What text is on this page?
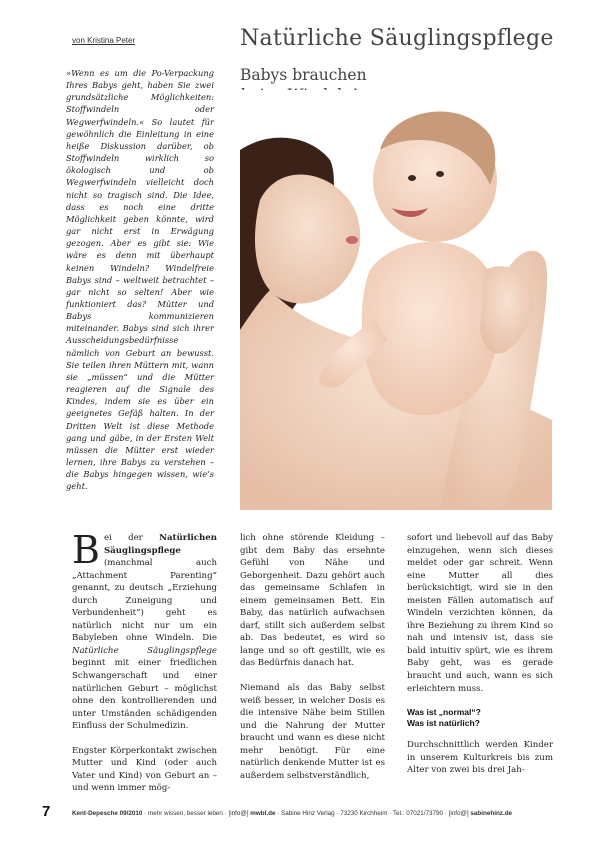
von Kristina Peter	Natürliche Säuglingspflege
Babys brauchen

»Wenn es um die Po-Verpackung Ihres Babys geht, haben Sie zwei grundsätzliche Möglichkeiten: Stoffwindeln oder Wegwerfwindeln.« So lautet für gewöhnlich die Einleitung in eine heiße Diskussion darüber, ob Stoffwindeln wirklich so ökologisch und ob Wegwerfwindeln vielleicht doch nicht so tragisch sind. Die Idee, dass es noch eine dritte Möglichkeit geben könnte, wird gar nicht erst in Erwägung gezogen. Aber es gibt sie: Wie wäre es denn mit überhaupt keinen Windeln? Windelfreie Babys sind – weltweit betrachtet – gar nicht so selten! Aber wie funktioniert das? Mütter und Babys kommunizieren miteinander. Babys sind sich ihrer Ausscheidungsbedürfnisse nämlich von Geburt an bewusst. Sie teilen ihren Müttern mit, wann sie „müssen“ und die Mütter reagieren auf die Signale des Kindes, indem sie es über ein geeignetes Gefäß halten. In der Dritten Welt ist diese Methode gang und gäbe, in der Ersten Welt müssen die Mütter erst wieder lernen, ihre Babys zu verstehen – die Babys hingegen wissen, wie’s geht.

Bei der Natürlichen Säuglingspflege (manchmal auch „Attachment Parenting“ genannt, zu deutsch „Erziehung durch Zuneigung und Verbundenheit“) geht es natürlich nicht nur um ein Babyleben ohne Windeln. Die Natürliche Säuglingspflege beginnt mit einer friedlichen Schwangerschaft und einer natürlichen Geburt – möglichst ohne den kontrollierenden und unter Umständen schädigenden Einfluss der Schulmedizin.

Engster Körperkontakt zwischen Mutter und Kind (oder auch Vater und Kind) von Geburt an – und wenn immer mög-

lich ohne störende Kleidung – gibt dem Baby das ersehnte Gefühl von Nähe und Geborgenheit. Dazu gehört auch das gemeinsame Schlafen in einem gemeinsamen Bett. Ein Baby, das natürlich aufwachsen darf, stillt sich außerdem selbst ab. Das bedeutet, es wird so lange und so oft gestillt, wie es das Bedürfnis danach hat.

Niemand als das Baby selbst weiß besser, in welcher Dosis es die intensive Nähe beim Stillen und die Nahrung der Mutter braucht und wann es diese nicht mehr benötigt. Für eine natürlich denkende Mutter ist es außerdem selbstverständlich,

sofort und liebevoll auf das Baby einzugehen, wenn sich dieses meldet oder gar schreit. Wenn eine Mutter all dies berücksichtigt, wird sie in den meisten Fällen automatisch auf Windeln verzichten können, da ihre Beziehung zu ihrem Kind so nah und intensiv ist, dass sie bald intuitiv spürt, wie es ihrem Baby geht, was es gerade braucht und auch, wann es sich erleichtern muss.

Was ist „normal“?
Was ist natürlich?

Durchschnittlich werden Kinder in unserem Kulturkreis bis zum Alter von zwei bis drei Jah-

7	Kent-Depesche 09/2010 · mehr wissen, besser leben · [info@] mwbl.de · Sabine Hinz Verlag · 73230 Kirchheim · Tel.: 07021/73790 · [info@] sabinehinz.de
